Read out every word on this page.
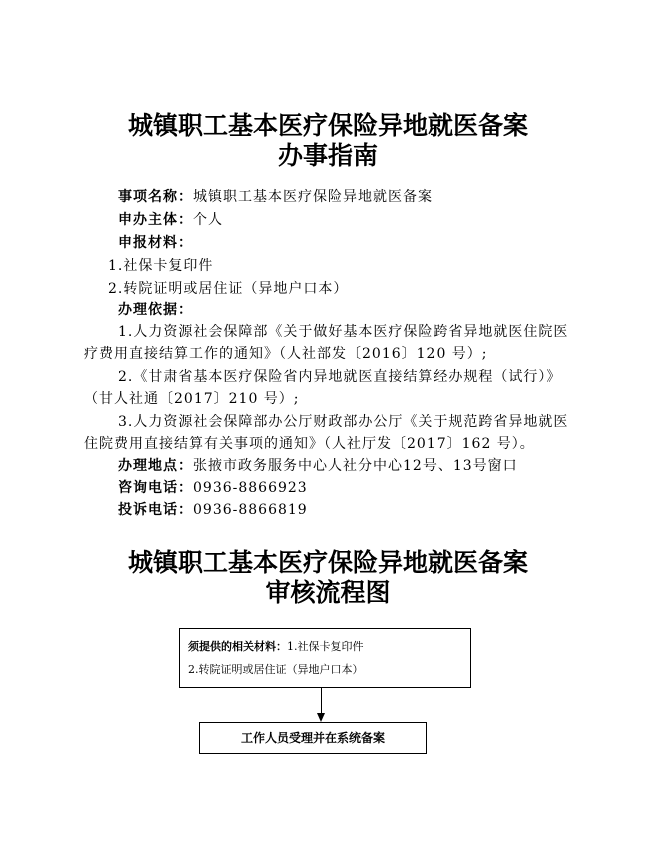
城镇职工基本医疗保险异地就医备案
办事指南
事项名称：城镇职工基本医疗保险异地就医备案
申办主体：个人
申报材料：
1.社保卡复印件
2.转院证明或居住证（异地户口本）
办理依据：
1.人力资源社会保障部《关于做好基本医疗保险跨省异地就医住院医
疗费用直接结算工作的通知》（人社部发〔2016〕120 号）;
2.《甘肃省基本医疗保险省内异地就医直接结算经办规程（试行）》
（甘人社通〔2017〕210 号）;
3.人力资源社会保障部办公厅财政部办公厅《关于规范跨省异地就医
住院费用直接结算有关事项的通知》（人社厅发〔2017〕162 号）。
办理地点：张掖市政务服务中心人社分中心12号、13号窗口
咨询电话：0936-8866923
投诉电话：0936-8866819
城镇职工基本医疗保险异地就医备案
审核流程图
须提供的相关材料：1.社保卡复印件
2.转院证明或居住证（异地户口本）
工作人员受理并在系统备案
